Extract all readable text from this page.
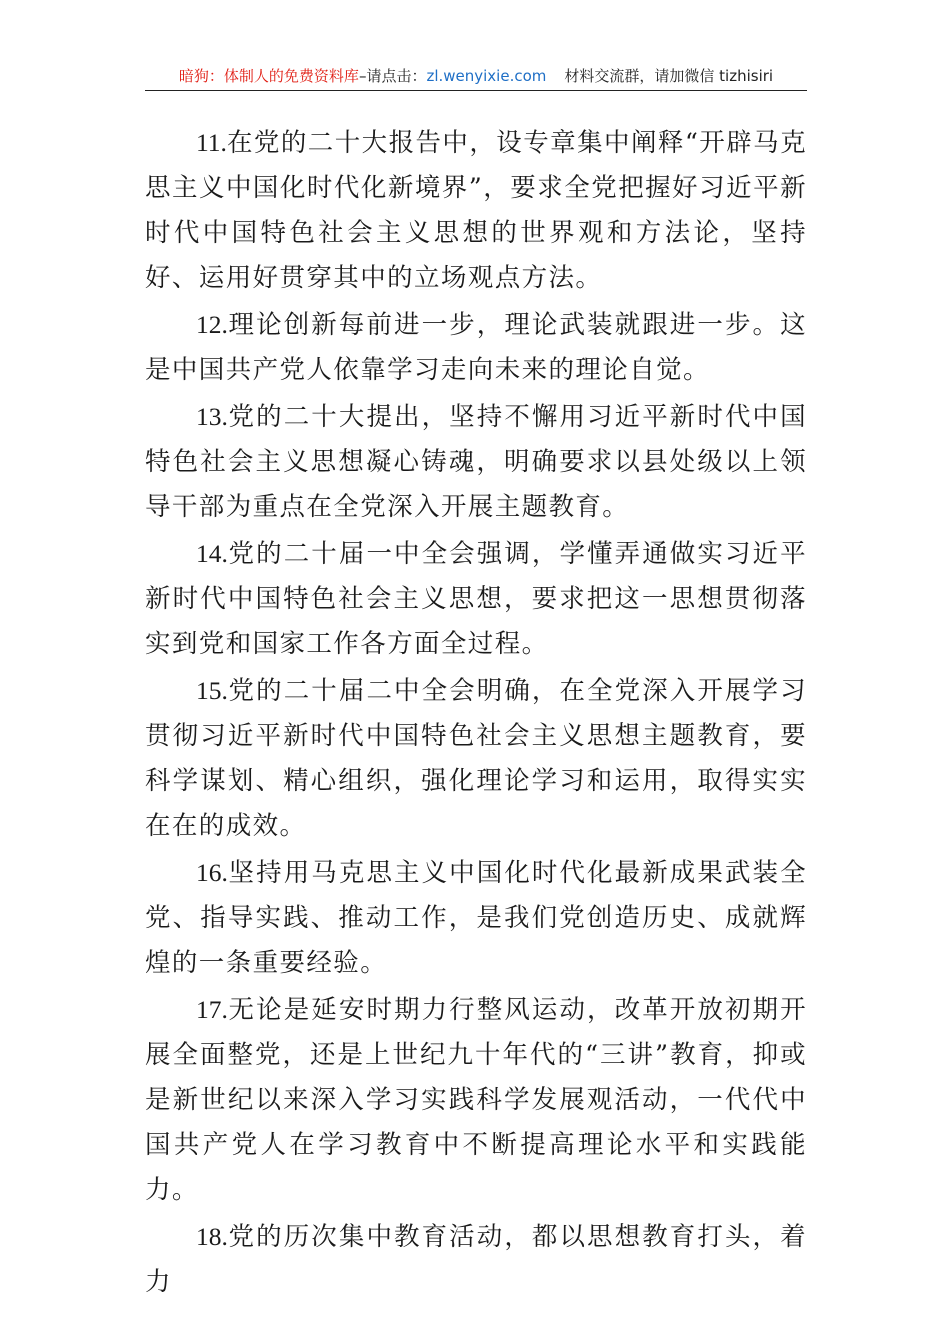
暗狗：体制人的免费资料库–请点击：zl.wenyixie.com 材料交流群，请加微信 tizhisiri

11.在党的二十大报告中，设专章集中阐释“开辟马克思主义中国化时代化新境界”，要求全党把握好习近平新时代中国特色社会主义思想的世界观和方法论，坚持好、运用好贯穿其中的立场观点方法。

12.理论创新每前进一步，理论武装就跟进一步。这是中国共产党人依靠学习走向未来的理论自觉。

13.党的二十大提出，坚持不懈用习近平新时代中国特色社会主义思想凝心铸魂，明确要求以县处级以上领导干部为重点在全党深入开展主题教育。

14.党的二十届一中全会强调，学懂弄通做实习近平新时代中国特色社会主义思想，要求把这一思想贯彻落实到党和国家工作各方面全过程。

15.党的二十届二中全会明确，在全党深入开展学习贯彻习近平新时代中国特色社会主义思想主题教育，要科学谋划、精心组织，强化理论学习和运用，取得实实在在的成效。

16.坚持用马克思主义中国化时代化最新成果武装全党、指导实践、推动工作，是我们党创造历史、成就辉煌的一条重要经验。

17.无论是延安时期力行整风运动，改革开放初期开展全面整党，还是上世纪九十年代的“三讲”教育，抑或是新世纪以来深入学习实践科学发展观活动，一代代中国共产党人在学习教育中不断提高理论水平和实践能力。

18.党的历次集中教育活动，都以思想教育打头，着力
